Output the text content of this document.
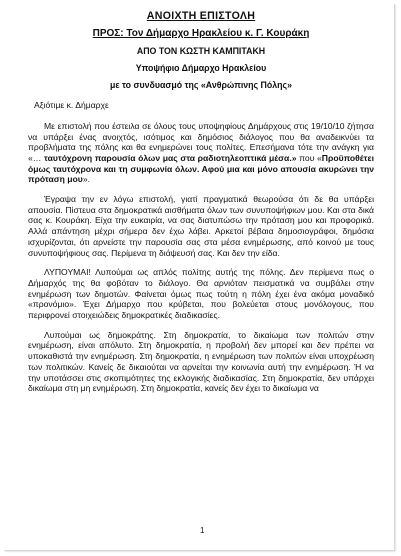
ΑΝΟΙΧΤΗ ΕΠΙΣΤΟΛΗ
ΠΡΟΣ: Τον Δήμαρχο Ηρακλείου κ. Γ. Κουράκη
ΑΠΟ ΤΟΝ ΚΩΣΤΗ ΚΑΜΠΙΤΑΚΗ
Υποψήφιο Δήμαρχο Ηρακλείου
με το συνδυασμό της «Ανθρώπινης Πόλης»
Αξιότιμε κ. Δήμαρχε

Με επιστολή που έστειλα σε όλους τους υποψηφίους Δημάρχους στις 19/10/10 ζήτησα να υπάρξει ένας ανοιχτός, ισότιμος και δημόσιος διάλογος που θα αναδεικνύει τα προβλήματα της πόλης και θα ενημερώνει τους πολίτες. Επεσήμανα τότε την ανάγκη για «… ταυτόχρονη παρουσία όλων μας στα ραδιοτηλεοπτικά μέσα.» που «Προϋποθέτει όμως ταυτόχρονα και τη συμφωνία όλων. Αφού μια και μόνο απουσία ακυρώνει την πρόταση μου».

Έγραψα την εν λόγω επιστολή, γιατί πραγματικά θεωρούσα ότι δε θα υπάρξει απουσία. Πίστευα στα δημοκρατικά αισθήματα όλων των συνυποψήφιων μου. Και στα δικά σας κ. Κουράκη. Είχα την ευκαιρία, να σας διατυπώσω την πρόταση μου και προφορικά. Αλλά απάντηση μέχρι σήμερα δεν έχω λάβει. Αρκετοί βέβαια δημοσιογράφοι, δημόσια ισχυρίζονται, ότι αρνείστε την παρουσία σας στα μέσα ενημέρωσης, από κοινού με τους συνυποψήφιους σας. Περίμενα τη διάψευσή σας. Και δεν την είδα.

ΛΥΠΟΥΜΑΙ! Λυπούμαι ως απλός πολίτης αυτής της πόλης. Δεν περίμενα πως ο Δήμαρχός της θα φοβόταν το διάλογο. Θα αρνιόταν πεισματικά να συμβάλει στην ενημέρωση των δημοτών. Φαίνεται όμως πως τούτη η πόλη έχει ένα ακόμα μοναδικό «προνόμιο». Έχει Δήμαρχο που κρύβεται, που βολεύεται στους μονόλογους, που περιφρονεί στοιχειώδεις δημοκρατικές διαδικασίες.

Λυπούμαι ως δημοκράτης. Στη δημοκρατία, το δικαίωμα των πολιτών στην ενημέρωση, είναι απόλυτο. Στη δημοκρατία, η προβολή δεν μπορεί και δεν πρέπει να υποκαθιστά την ενημέρωση. Στη δημοκρατία, η ενημέρωση των πολιτών είναι υποχρέωση των πολιτικών. Κανείς δε δικαιούται να αρνείται την κοινωνία αυτή την ενημέρωση. Ή να την υποτάσσει στις σκοπιμότητες της εκλογικής διαδικασίας. Στη δημοκρατία, δεν υπάρχει δικαίωμα στη μη ενημέρωση. Στη δημοκρατία, κανείς δεν έχει το δικαίωμα να

1
